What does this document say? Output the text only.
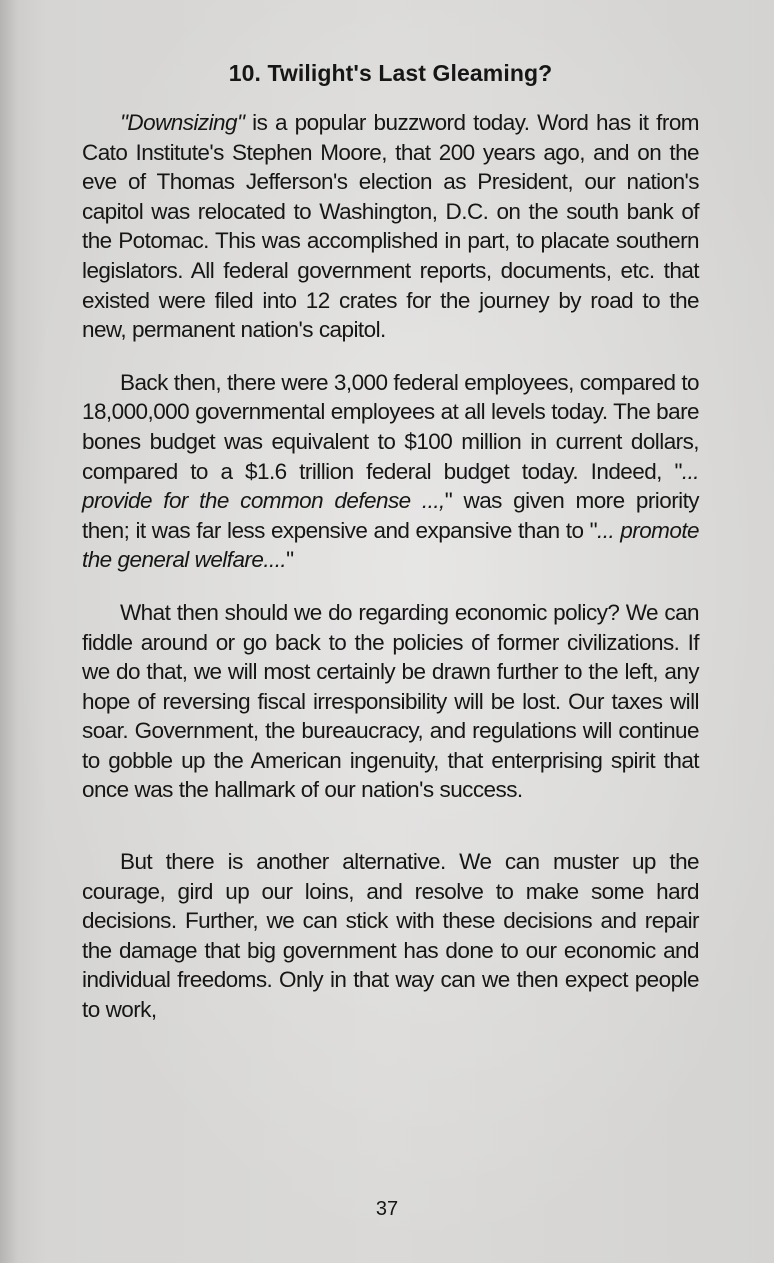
10. Twilight's Last Gleaming?

"Downsizing" is a popular buzzword today. Word has it from Cato Institute's Stephen Moore, that 200 years ago, and on the eve of Thomas Jefferson's election as President, our nation's capitol was relocated to Washington, D.C. on the south bank of the Potomac. This was accomplished in part, to placate southern legislators. All federal government reports, documents, etc. that existed were filed into 12 crates for the journey by road to the new, permanent nation's capitol.

Back then, there were 3,000 federal employees, compared to 18,000,000 governmental employees at all levels today. The bare bones budget was equivalent to $100 million in current dollars, compared to a $1.6 trillion federal budget today. Indeed, "... provide for the common defense ...," was given more priority then; it was far less expensive and expansive than to "... promote the general welfare...."

What then should we do regarding economic policy? We can fiddle around or go back to the policies of former civilizations. If we do that, we will most certainly be drawn further to the left, any hope of reversing fiscal irresponsibility will be lost. Our taxes will soar. Government, the bureaucracy, and regulations will continue to gobble up the American ingenuity, that enterprising spirit that once was the hallmark of our nation's success.

But there is another alternative. We can muster up the courage, gird up our loins, and resolve to make some hard decisions. Further, we can stick with these decisions and repair the damage that big government has done to our economic and individual freedoms. Only in that way can we then expect people to work,

37
